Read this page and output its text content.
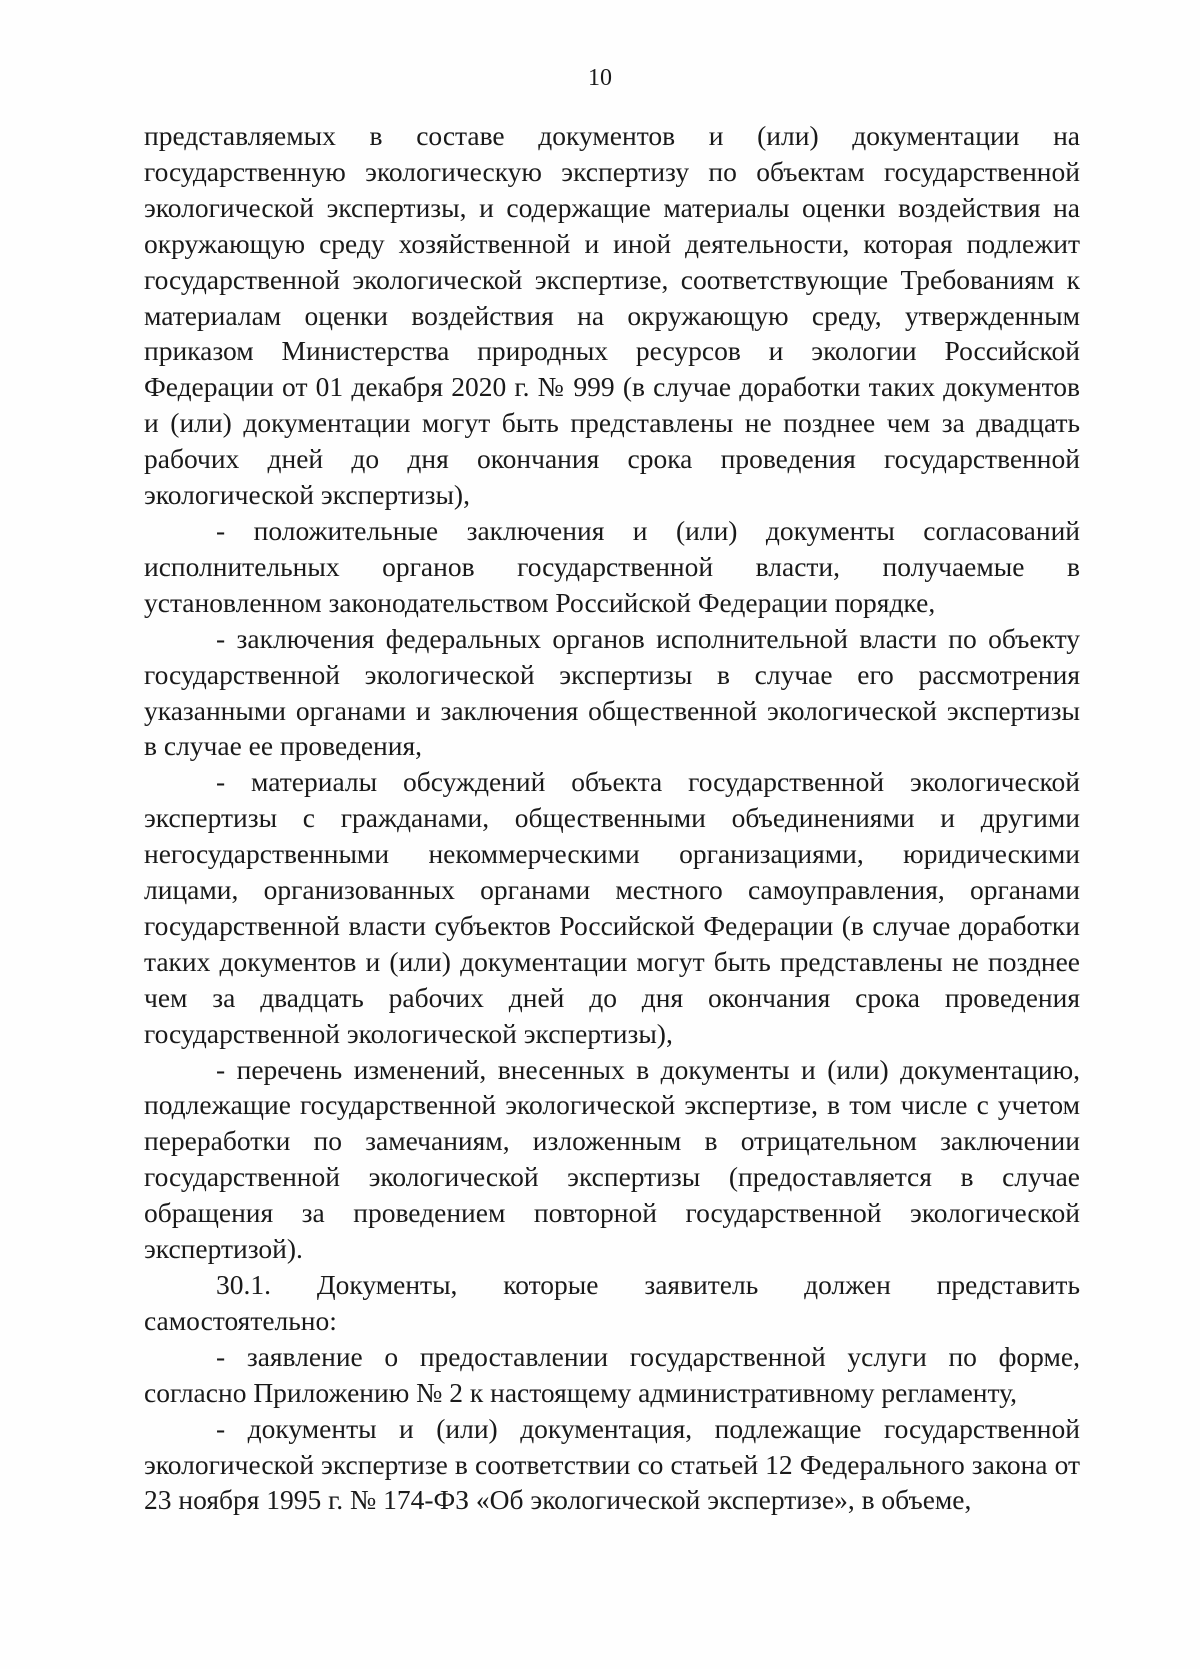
10

представляемых в составе документов и (или) документации на государственную экологическую экспертизу по объектам государственной экологической экспертизы, и содержащие материалы оценки воздействия на окружающую среду хозяйственной и иной деятельности, которая подлежит государственной экологической экспертизе, соответствующие Требованиям к материалам оценки воздействия на окружающую среду, утвержденным приказом Министерства природных ресурсов и экологии Российской Федерации от 01 декабря 2020 г. № 999 (в случае доработки таких документов и (или) документации могут быть представлены не позднее чем за двадцать рабочих дней до дня окончания срока проведения государственной экологической экспертизы),

- положительные заключения и (или) документы согласований исполнительных органов государственной власти, получаемые в установленном законодательством Российской Федерации порядке,

- заключения федеральных органов исполнительной власти по объекту государственной экологической экспертизы в случае его рассмотрения указанными органами и заключения общественной экологической экспертизы в случае ее проведения,

- материалы обсуждений объекта государственной экологической экспертизы с гражданами, общественными объединениями и другими негосударственными некоммерческими организациями, юридическими лицами, организованных органами местного самоуправления, органами государственной власти субъектов Российской Федерации (в случае доработки таких документов и (или) документации могут быть представлены не позднее чем за двадцать рабочих дней до дня окончания срока проведения государственной экологической экспертизы),

- перечень изменений, внесенных в документы и (или) документацию, подлежащие государственной экологической экспертизе, в том числе с учетом переработки по замечаниям, изложенным в отрицательном заключении государственной экологической экспертизы (предоставляется в случае обращения за проведением повторной государственной экологической экспертизой).

30.1. Документы, которые заявитель должен представить самостоятельно:

- заявление о предоставлении государственной услуги по форме, согласно Приложению № 2 к настоящему административному регламенту,

- документы и (или) документация, подлежащие государственной экологической экспертизе в соответствии со статьей 12 Федерального закона от 23 ноября 1995 г. № 174-ФЗ «Об экологической экспертизе», в объеме,
